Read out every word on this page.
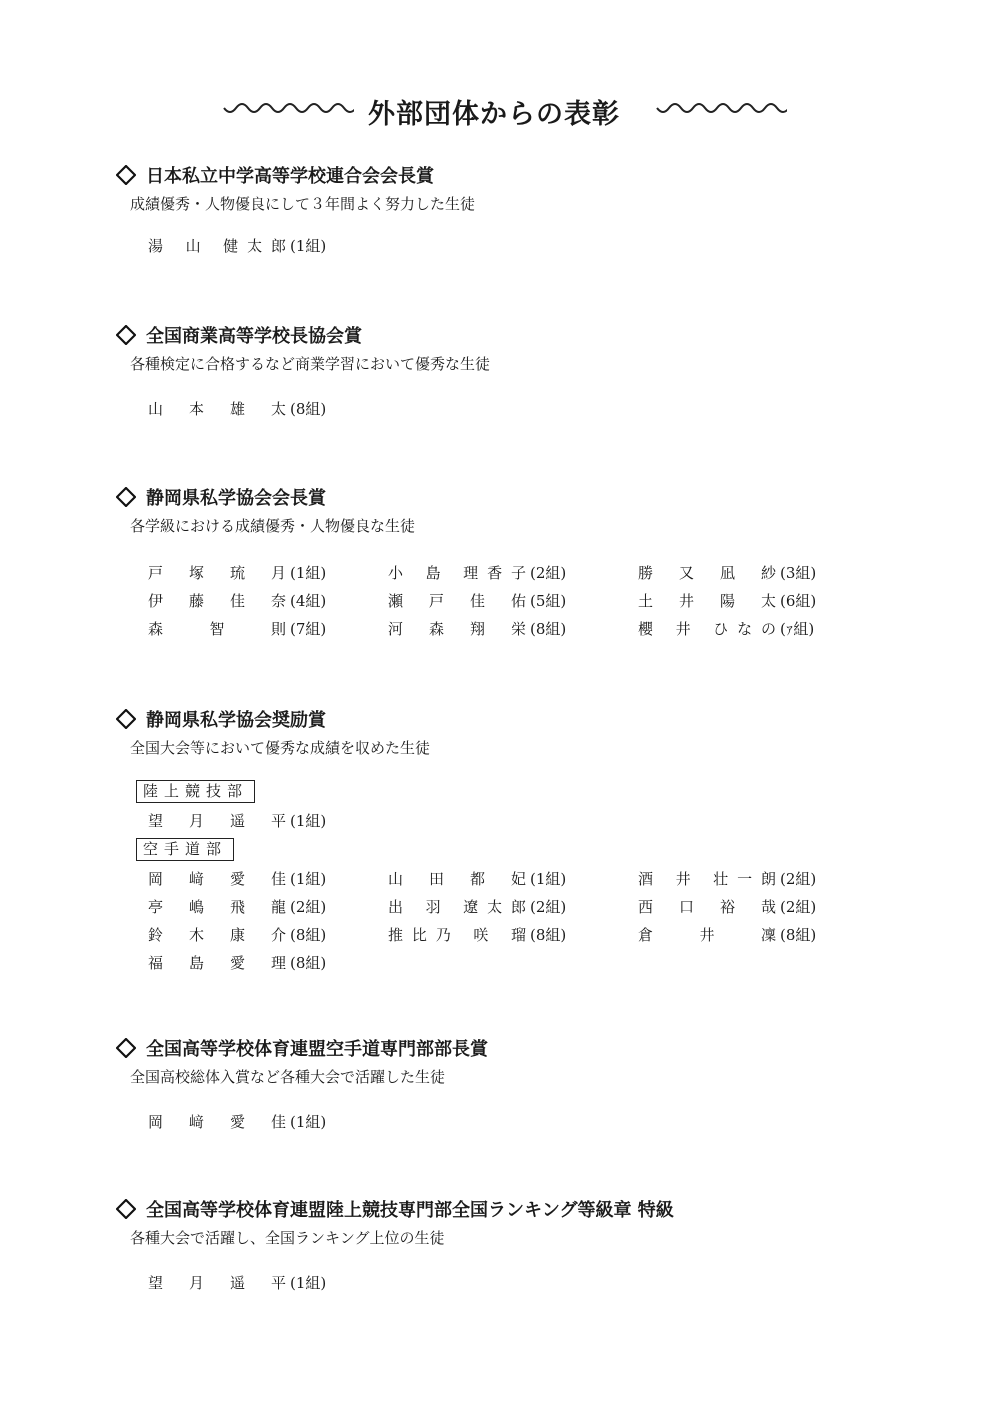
外部団体からの表彰
日本私立中学高等学校連合会会長賞
成績優秀・人物優良にして３年間よく努力した生徒
湯 山 健太郎 (1組)
全国商業高等学校長協会賞
各種検定に合格するなど商業学習において優秀な生徒
山 本 雄 太 (8組)
静岡県私学協会会長賞
各学級における成績優秀・人物優良な生徒
戸 塚 琉 月 (1組)	小 島 理香子 (2組)	勝 又 凪 紗 (3組)
伊 藤 佳 奈 (4組)	瀬 戸 佳 佑 (5組)	土 井 陽 太 (6組)
森 智 則 (7組)	河 森 翔 栄 (8組)	櫻 井 ひなの (ｧ組)
静岡県私学協会奨励賞
全国大会等において優秀な成績を収めた生徒
陸上競技部
望 月 遥 平 (1組)
空手道部
岡 﨑 愛 佳 (1組)	山 田 都 妃 (1組)	酒 井 壮一朗 (2組)
亭 嶋 飛 龍 (2組)	出 羽 遼太郎 (2組)	西 口 裕 哉 (2組)
鈴 木 康 介 (8組)	推比乃 咲 瑠 (8組)	倉 井 凜 (8組)
福 島 愛 理 (8組)
全国高等学校体育連盟空手道専門部部長賞
全国高校総体入賞など各種大会で活躍した生徒
岡 﨑 愛 佳 (1組)
全国高等学校体育連盟陸上競技専門部全国ランキング等級章 特級
各種大会で活躍し、全国ランキング上位の生徒
望 月 遥 平 (1組)
